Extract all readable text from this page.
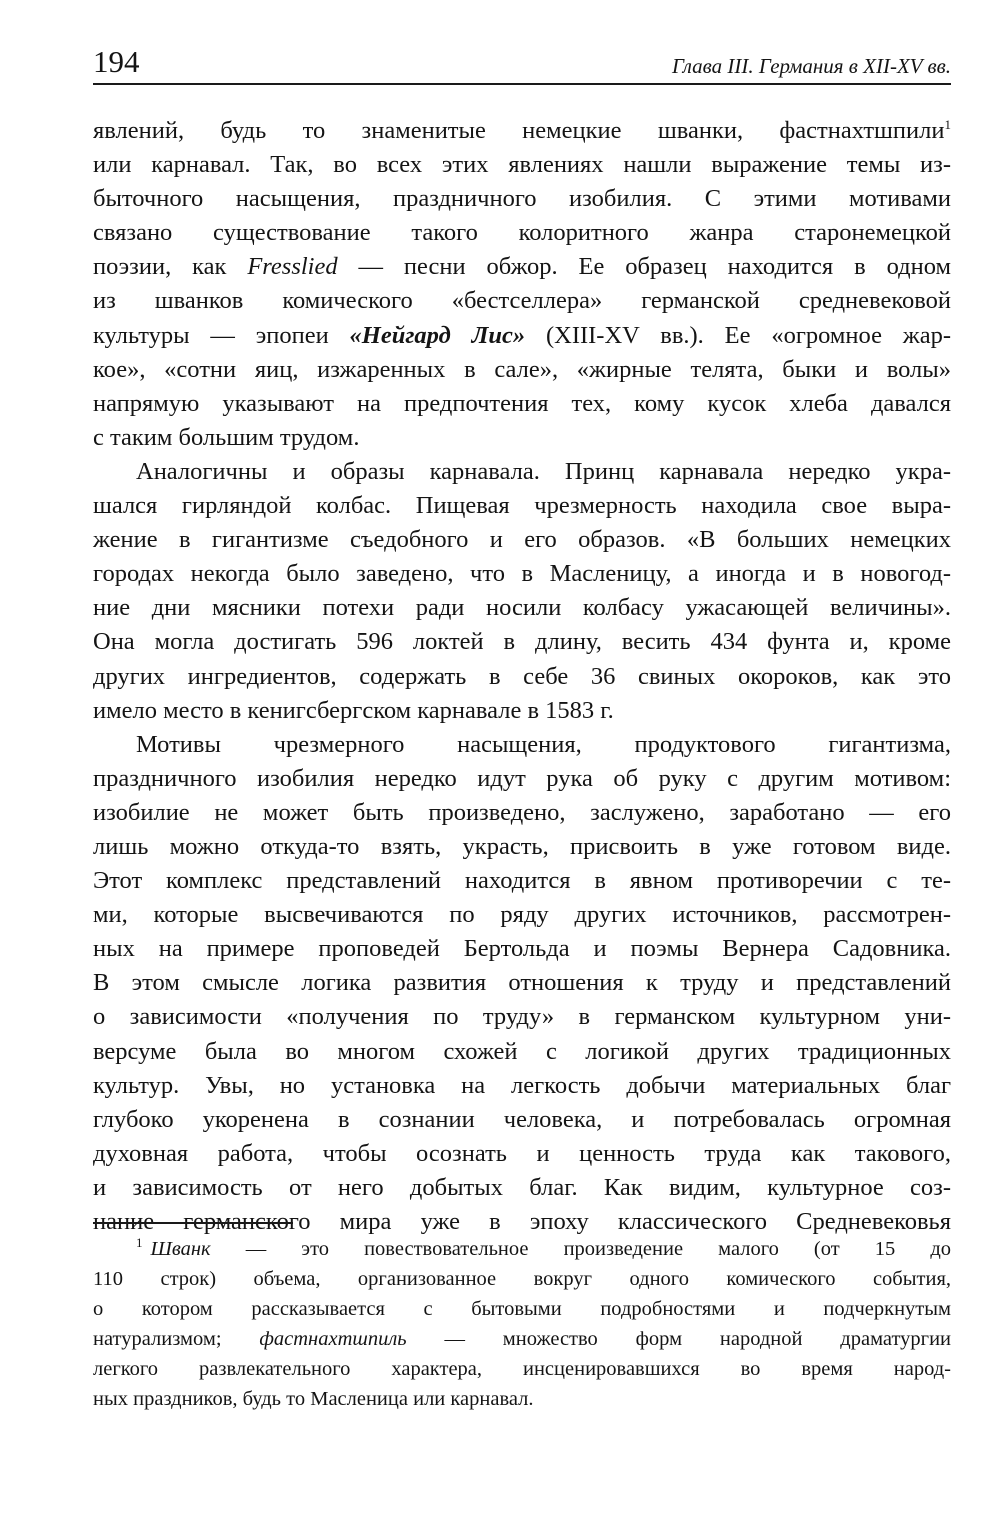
194	Глава III. Германия в XII-XV вв.
явлений, будь то знаменитые немецкие шванки, фастнахтшпили$^1$
или карнавал. Так, во всех этих явлениях нашли выражение темы из-
быточного насыщения, праздничного изобилия. С этими мотивами
связано существование такого колоритного жанра старонемецкой
поэзии, как Fresslied — песни обжор. Ее образец находится в одном
из шванков комического «бестселлера» германской средневековой
культуры — эпопеи «Нейгард Лис» (XIII-XV вв.). Ее «огромное жар-
кое», «сотни яиц, изжаренных в сале», «жирные телята, быки и волы»
напрямую указывают на предпочтения тех, кому кусок хлеба давался
с таким большим трудом.
Аналогичны и образы карнавала. Принц карнавала нередко укра-
шался гирляндой колбас. Пищевая чрезмерность находила свое выра-
жение в гигантизме съедобного и его образов. «В больших немецких
городах некогда было заведено, что в Масленицу, а иногда и в новогод-
ние дни мясники потехи ради носили колбасу ужасающей величины».
Она могла достигать 596 локтей в длину, весить 434 фунта и, кроме
других ингредиентов, содержать в себе 36 свиных окороков, как это
имело место в кенигсбергском карнавале в 1583 г.
Мотивы чрезмерного насыщения, продуктового гигантизма,
праздничного изобилия нередко идут рука об руку с другим мотивом:
изобилие не может быть произведено, заслужено, заработано — его
лишь можно откуда-то взять, украсть, присвоить в уже готовом виде.
Этот комплекс представлений находится в явном противоречии с те-
ми, которые высвечиваются по ряду других источников, рассмотрен-
ных на примере проповедей Бертольда и поэмы Вернера Садовника.
В этом смысле логика развития отношения к труду и представлений
о зависимости «получения по труду» в германском культурном уни-
версуме была во многом схожей с логикой других традиционных
культур. Увы, но установка на легкость добычи материальных благ
глубоко укоренена в сознании человека, и потребовалась огромная
духовная работа, чтобы осознать и ценность труда как такового,
и зависимость от него добытых благ. Как видим, культурное соз-
нание германского мира уже в эпоху классического Средневековья
$^1$ Шванк — это повествовательное произведение малого (от 15 до
110 строк) объема, организованное вокруг одного комического события,
о котором рассказывается с бытовыми подробностями и подчеркнутым
натурализмом; фастнахтшпиль — множество форм народной драматургии
легкого развлекательного характера, инсценировавшихся во время народ-
ных праздников, будь то Масленица или карнавал.
